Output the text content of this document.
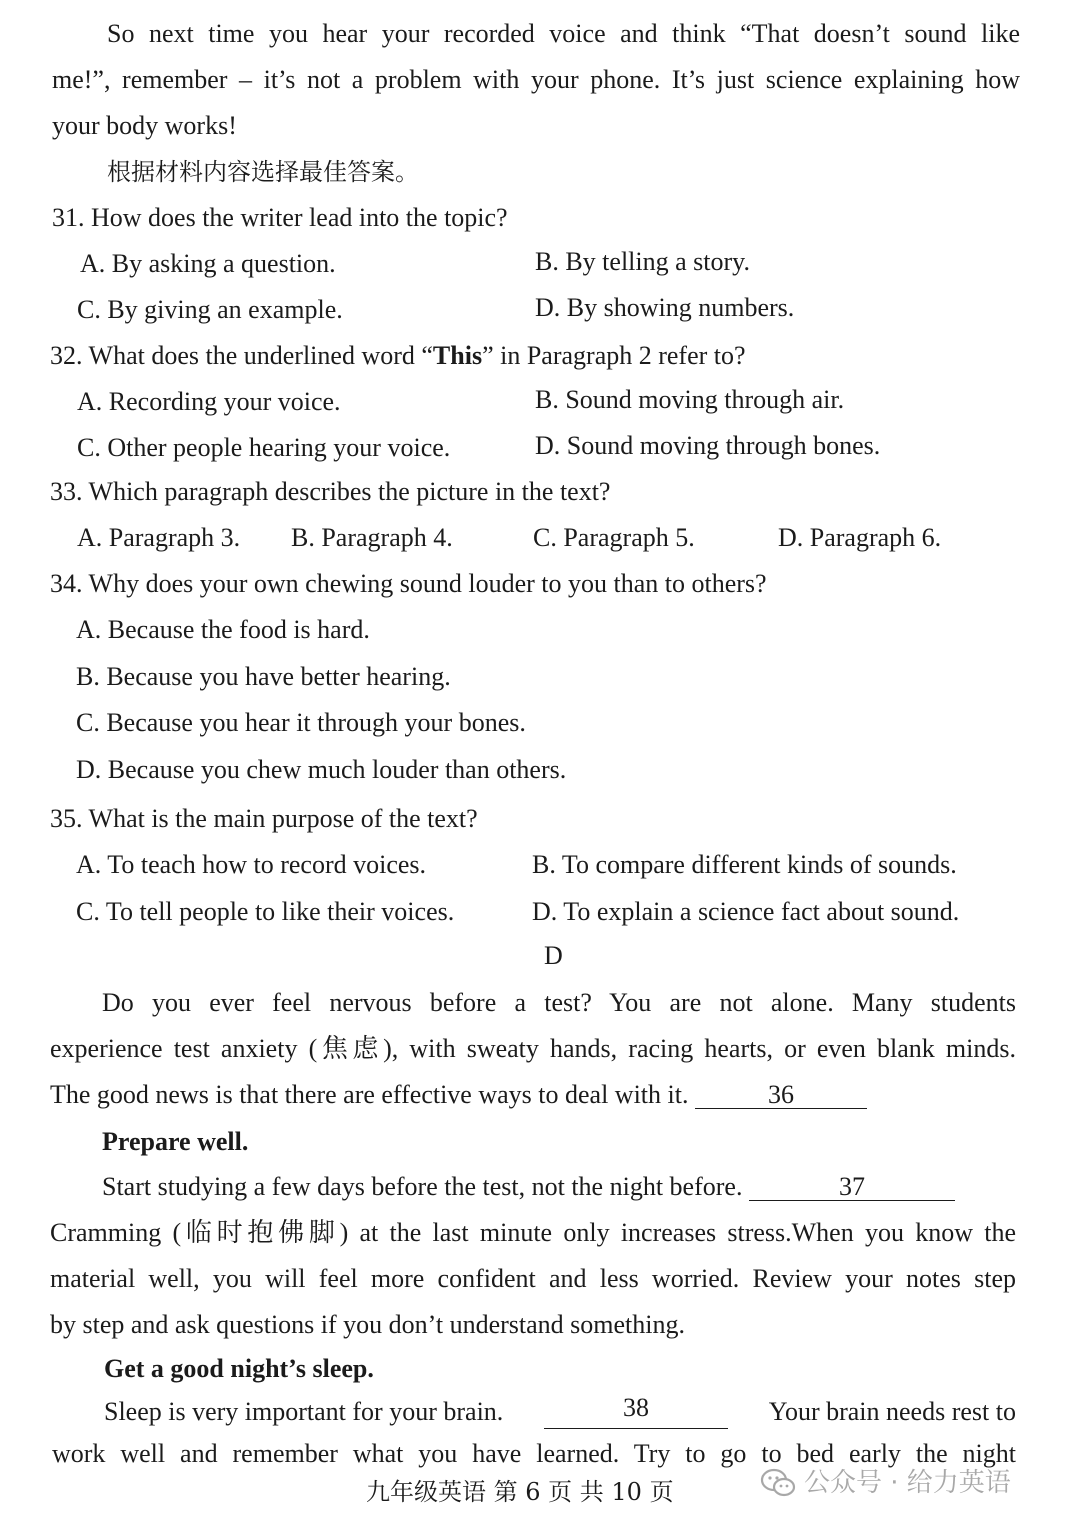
So next time you hear your recorded voice and think “That doesn’t sound like
me!”, remember – it’s not a problem with your phone. It’s just science explaining how
your body works!
根据材料内容选择最佳答案。
31. How does the writer lead into the topic?
A. By asking a question.	B. By telling a story.
C. By giving an example.	D. By showing numbers.
32. What does the underlined word “This” in Paragraph 2 refer to?
A. Recording your voice.	B. Sound moving through air.
C. Other people hearing your voice.	D. Sound moving through bones.
33. Which paragraph describes the picture in the text?
A. Paragraph 3. B. Paragraph 4.	C. Paragraph 5.	D. Paragraph 6.
34. Why does your own chewing sound louder to you than to others?
A. Because the food is hard.
B. Because you have better hearing.
C. Because you hear it through your bones.
D. Because you chew much louder than others.
35. What is the main purpose of the text?
A. To teach how to record voices.	B. To compare different kinds of sounds.
C. To tell people to like their voices.	D. To explain a science fact about sound.
D
Do you ever feel nervous before a test? You are not alone. Many students
experience test anxiety (焦虑), with sweaty hands, racing hearts, or even blank minds.
The good news is that there are effective ways to deal with it.	36
Prepare well.
Start studying a few days before the test, not the night before.	37
Cramming (临时抱佛脚) at the last minute only increases stress.When you know the
material well, you will feel more confident and less worried. Review your notes step
by step and ask questions if you don’t understand something.
Get a good night’s sleep.
Sleep is very important for your brain.	38	Your brain needs rest to
work well and remember what you have learned. Try to go to bed early the night
九年级英语 第 6 页 共 10 页	公众号 · 给力英语
